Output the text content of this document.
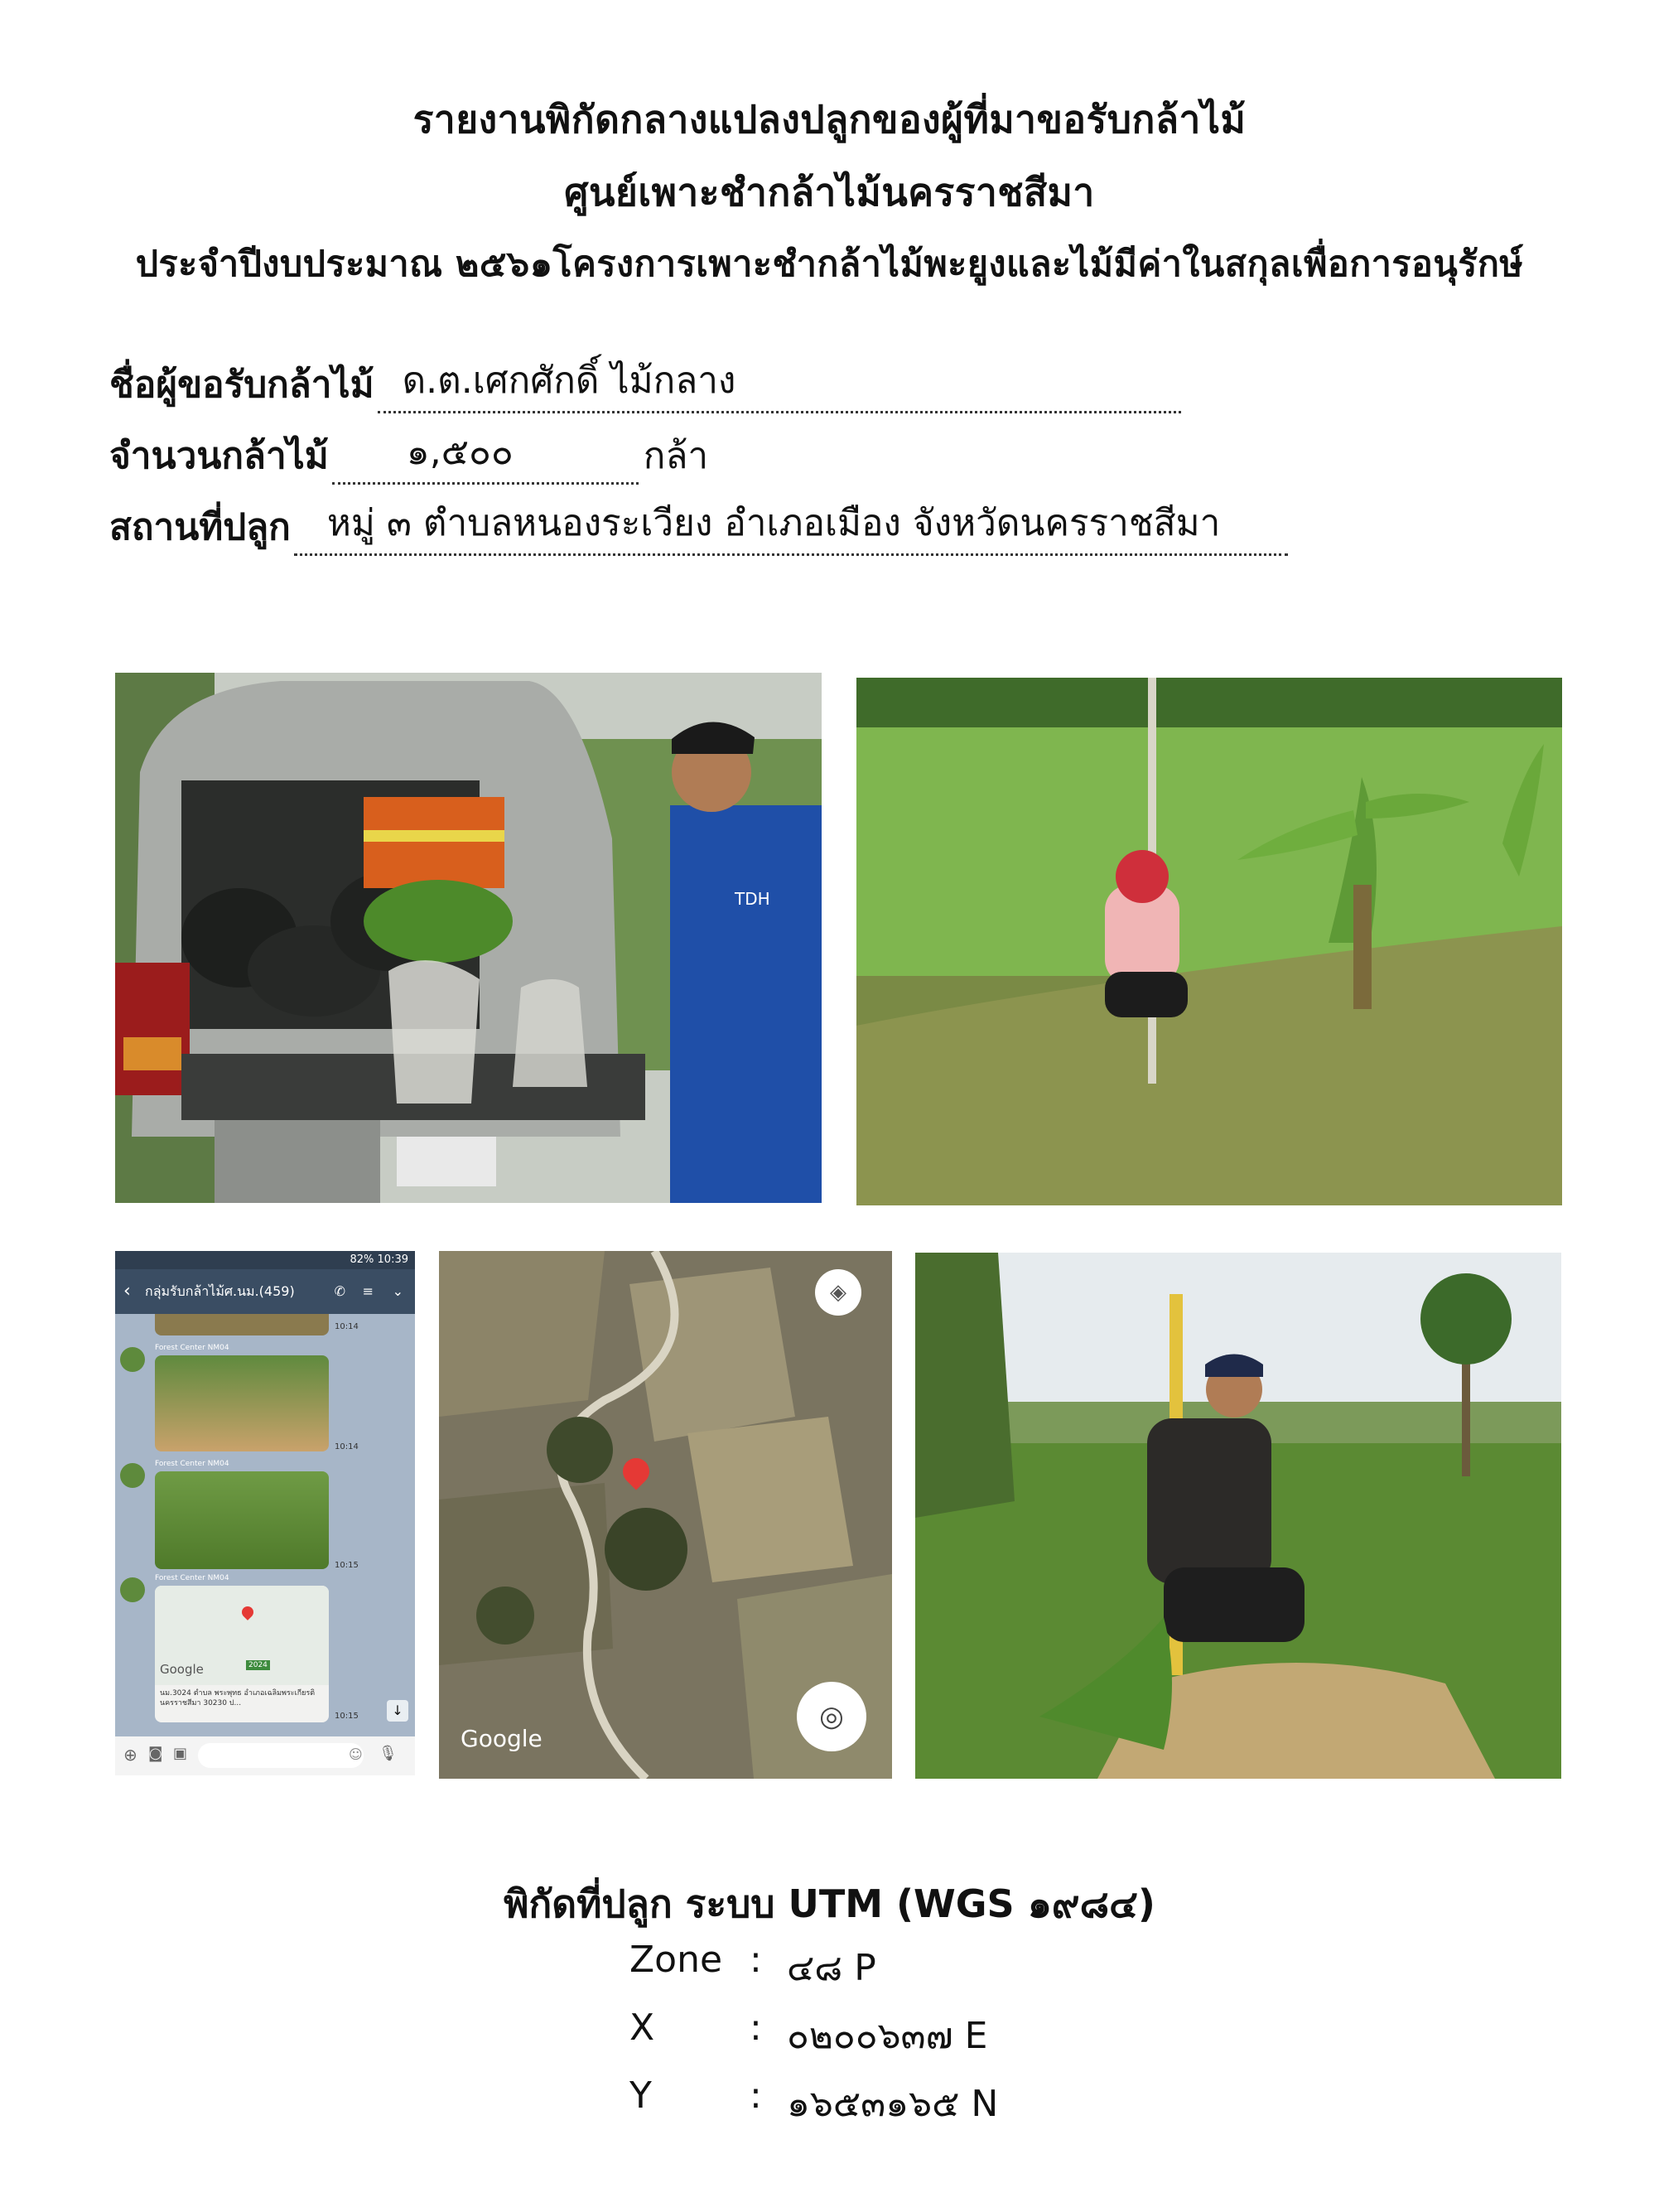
รายงานพิกัดกลางแปลงปลูกของผู้ที่มาขอรับกล้าไม้
ศูนย์เพาะชำกล้าไม้นครราชสีมา
ประจำปีงบประมาณ ๒๕๖๑โครงการเพาะชำกล้าไม้พะยูงและไม้มีค่าในสกุลเพื่อการอนุรักษ์
ชื่อผู้ขอรับกล้าไม้ ด.ต.เศกศักดิ์ ไม้กลาง
จำนวนกล้าไม้	๑,๕๐๐	กล้า
สถานที่ปลูก	หมู่ ๓ ตำบลหนองระเวียง อำเภอเมือง จังหวัดนครราชสีมา
TDH
82% 10:39
‹ กลุ่มรับกล้าไม้ศ.นม.(459)	✆ ≡ ⌄
10:14
Forest Center NM04
10:14
Forest Center NM04
10:15
Forest Center NM04
Google	2024
นม.3024 ตำบล พระพุทธ อำเภอเฉลิมพระเกียรติ นครราชสีมา 30230 ป...
10:15	↓
⊕ ◙ ▣	☺ 🎙
◈
◎
Google
พิกัดที่ปลูก ระบบ UTM (WGS ๑๙๘๔)
Zone : ๔๘ P
X	: ๐๒๐๐๖๓๗ E
Y	: ๑๖๕๓๑๖๕ N
